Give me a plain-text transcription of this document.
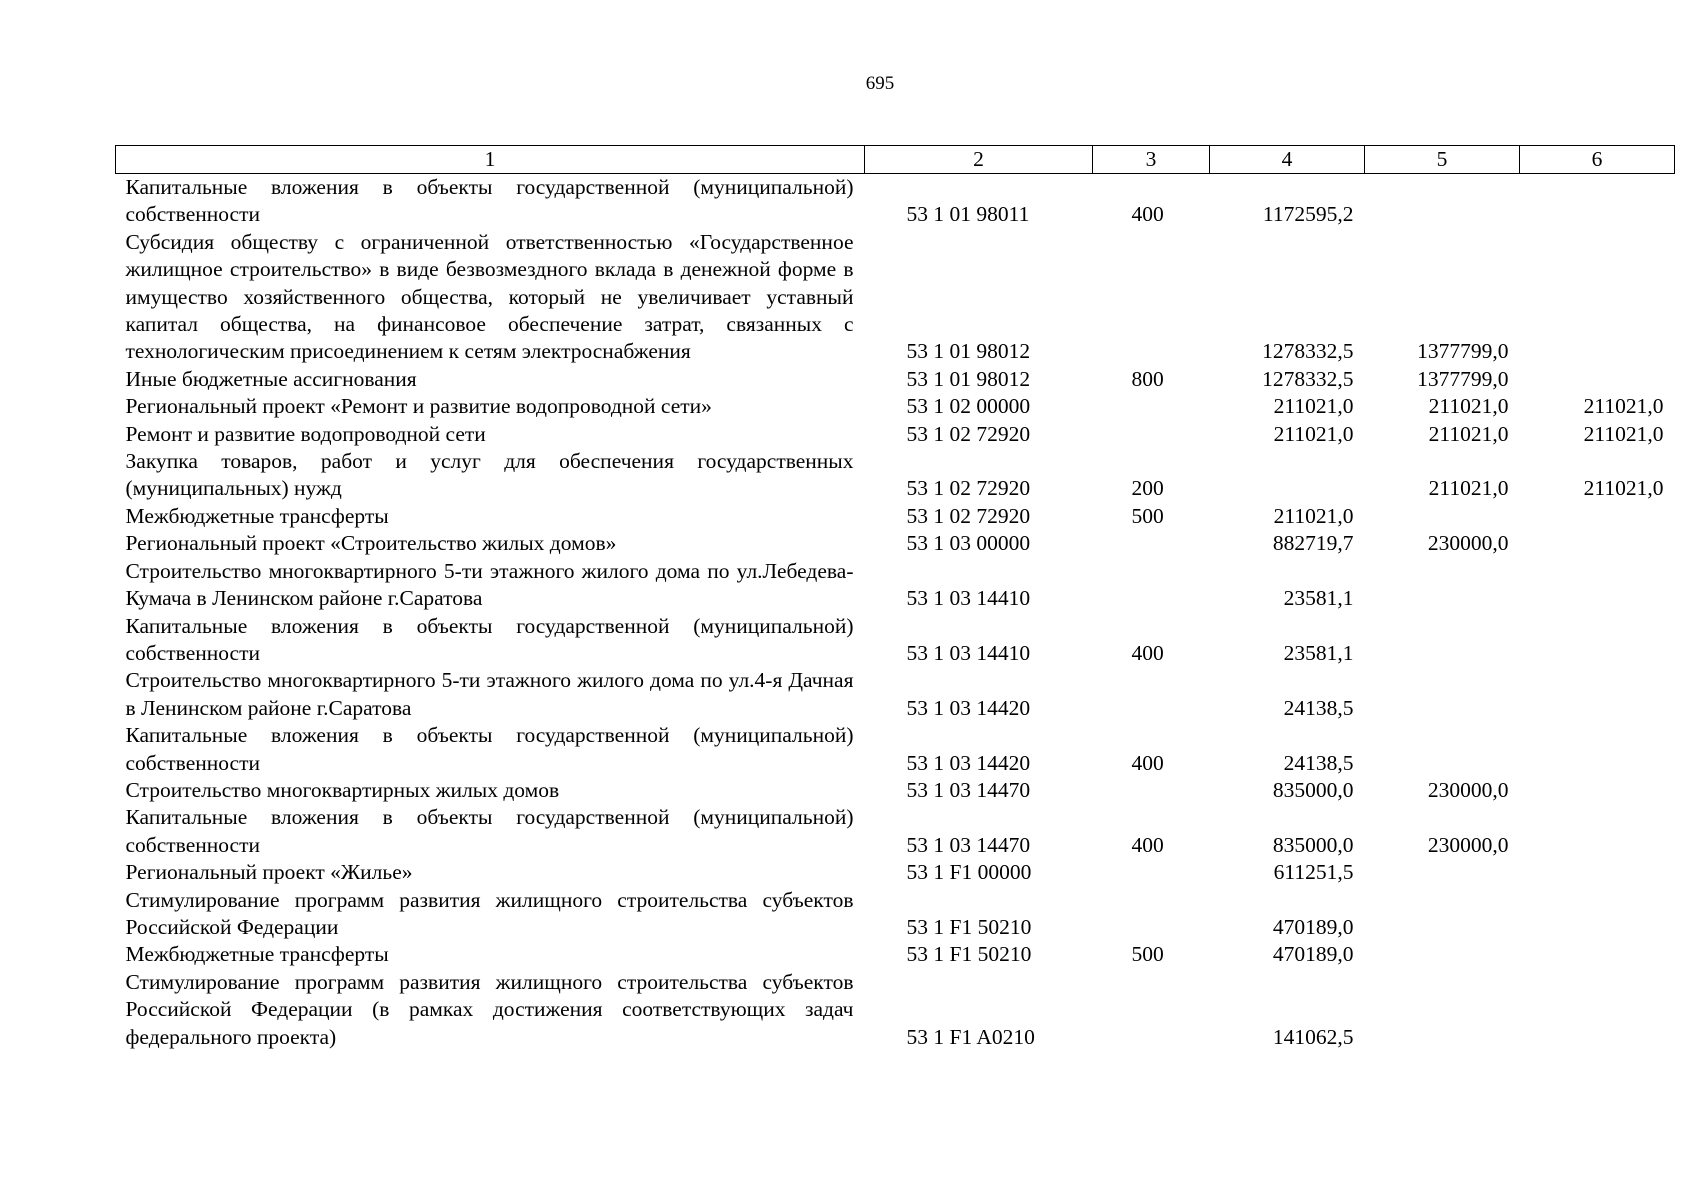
695
1	2	3	4	5	6
Капитальные вложения в объекты государственной (муниципальной) собственности	53 1 01 98011	400	1172595,2		
Субсидия обществу с ограниченной ответственностью «Государственное жилищное строительство» в виде безвозмездного вклада в денежной форме в имущество хозяйственного общества, который не увеличивает уставный капитал общества, на финансовое обеспечение затрат, связанных с технологическим присоединением к сетям электроснабжения	53 1 01 98012		1278332,5	1377799,0	
Иные бюджетные ассигнования	53 1 01 98012	800	1278332,5	1377799,0	
Региональный проект «Ремонт и развитие водопроводной сети»	53 1 02 00000		211021,0	211021,0	211021,0
Ремонт и развитие водопроводной сети	53 1 02 72920		211021,0	211021,0	211021,0
Закупка товаров, работ и услуг для обеспечения государственных (муниципальных) нужд	53 1 02 72920	200		211021,0	211021,0
Межбюджетные трансферты	53 1 02 72920	500	211021,0		
Региональный проект «Строительство жилых домов»	53 1 03 00000		882719,7	230000,0	
Строительство многоквартирного 5-ти этажного жилого дома по ул.Лебедева-Кумача в Ленинском районе г.Саратова	53 1 03 14410		23581,1		
Капитальные вложения в объекты государственной (муниципальной) собственности	53 1 03 14410	400	23581,1		
Строительство многоквартирного 5-ти этажного жилого дома по ул.4-я Дачная в Ленинском районе г.Саратова	53 1 03 14420		24138,5		
Капитальные вложения в объекты государственной (муниципальной) собственности	53 1 03 14420	400	24138,5		
Строительство многоквартирных жилых домов	53 1 03 14470		835000,0	230000,0	
Капитальные вложения в объекты государственной (муниципальной) собственности	53 1 03 14470	400	835000,0	230000,0	
Региональный проект «Жилье»	53 1 F1 00000		611251,5		
Стимулирование программ развития жилищного строительства субъектов Российской Федерации	53 1 F1 50210		470189,0		
Межбюджетные трансферты	53 1 F1 50210	500	470189,0		
Стимулирование программ развития жилищного строительства субъектов Российской Федерации (в рамках достижения соответствующих задач федерального проекта)	53 1 F1 A0210		141062,5		
